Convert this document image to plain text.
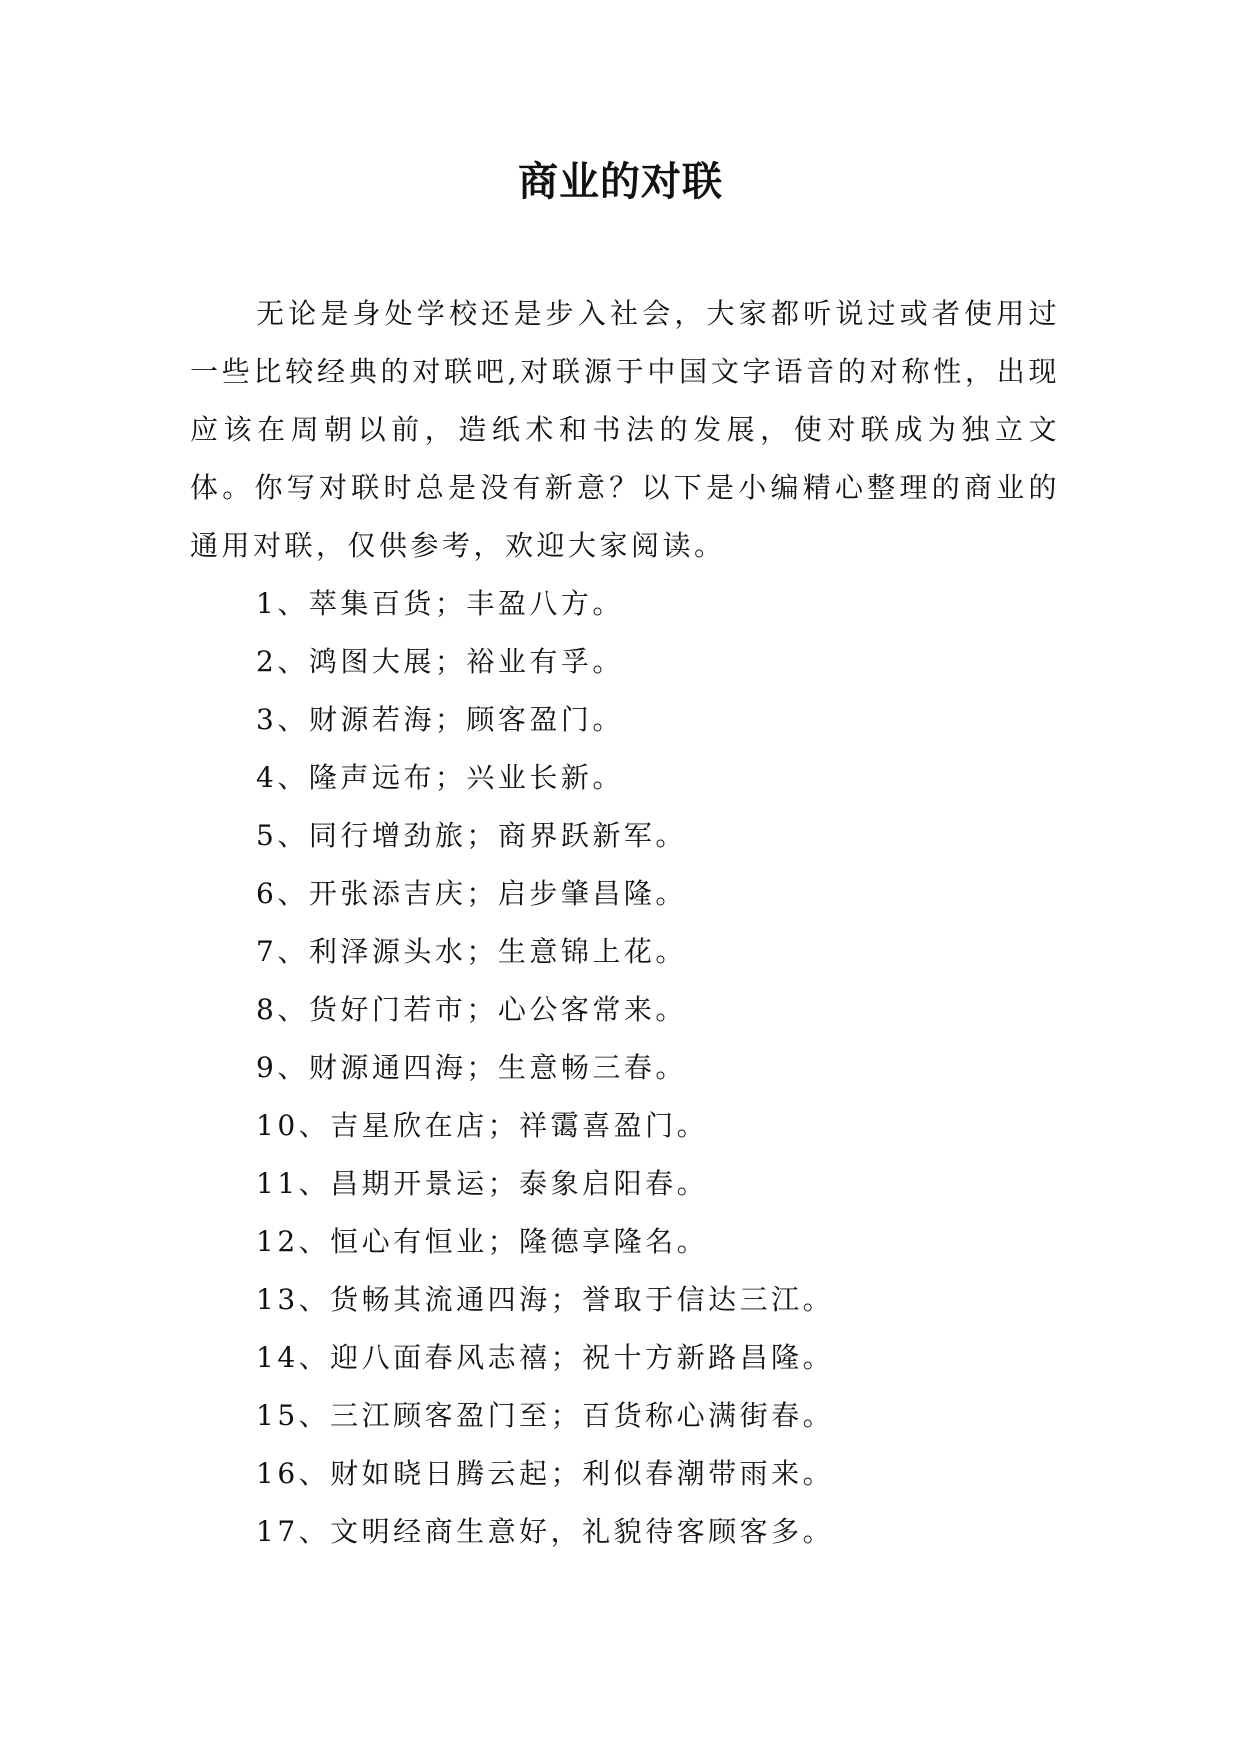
商业的对联

无论是身处学校还是步入社会，大家都听说过或者使用过一些比较经典的对联吧,对联源于中国文字语音的对称性，出现应该在周朝以前，造纸术和书法的发展，使对联成为独立文体。你写对联时总是没有新意？以下是小编精心整理的商业的通用对联，仅供参考，欢迎大家阅读。

1、萃集百货；丰盈八方。
2、鸿图大展；裕业有孚。
3、财源若海；顾客盈门。
4、隆声远布；兴业长新。
5、同行增劲旅；商界跃新军。
6、开张添吉庆；启步肇昌隆。
7、利泽源头水；生意锦上花。
8、货好门若市；心公客常来。
9、财源通四海；生意畅三春。
10、吉星欣在店；祥霭喜盈门。
11、昌期开景运；泰象启阳春。
12、恒心有恒业；隆德享隆名。
13、货畅其流通四海；誉取于信达三江。
14、迎八面春风志禧；祝十方新路昌隆。
15、三江顾客盈门至；百货称心满街春。
16、财如晓日腾云起；利似春潮带雨来。
17、文明经商生意好，礼貌待客顾客多。
